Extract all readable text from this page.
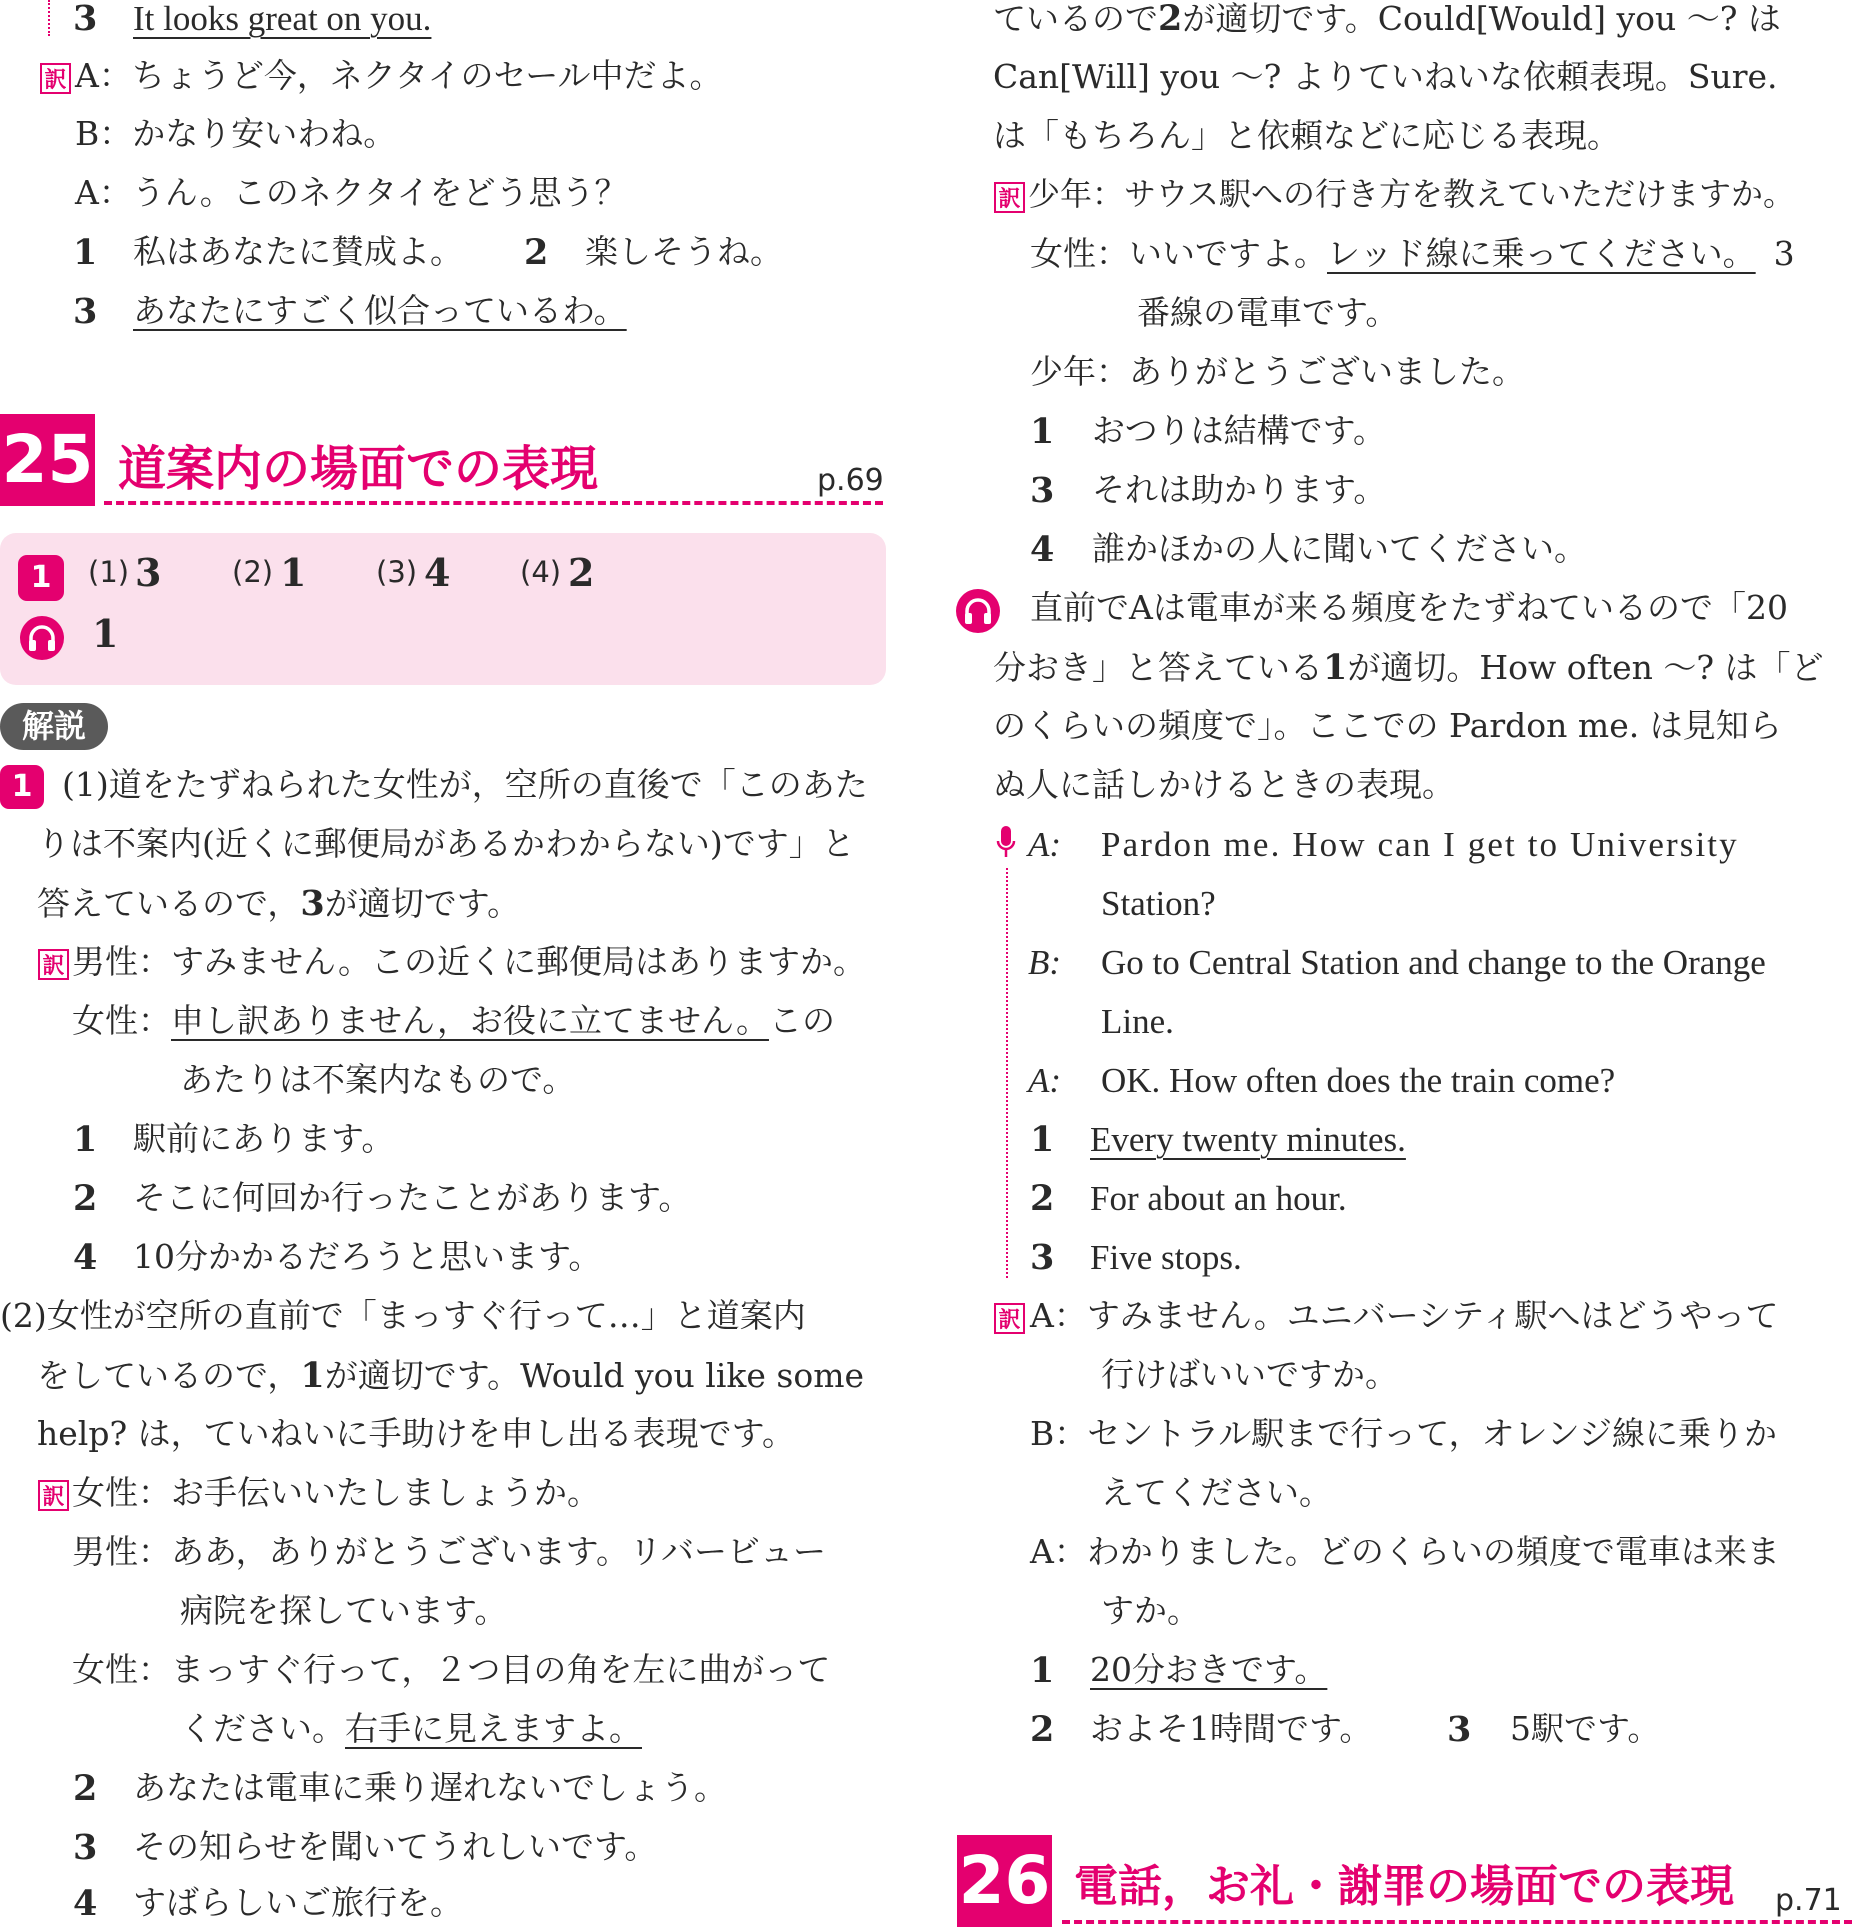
3 It looks great on you.
訳 A：ちょうど今，ネクタイのセール中だよ。
B：かなり安いわね。
A：うん。このネクタイをどう思う？
1 私はあなたに賛成よ。 2 楽しそうね。
3 あなたにすごく似合っているわ。
25 道案内の場面での表現	p.69
1	(1) 3 (2) 1 (3) 4 (4) 2
1
解説
1 (1)道をたずねられた女性が，空所の直後で「このあた
りは不案内(近くに郵便局があるかわからない)です」と
答えているので，3が適切です。
訳 男性：すみません。この近くに郵便局はありますか。
女性：申し訳ありません，お役に立てません。この
あたりは不案内なもので。
1 駅前にあります。
2 そこに何回か行ったことがあります。
4 10分かかるだろうと思います。
(2)女性が空所の直前で「まっすぐ行って…」と道案内
をしているので，1が適切です。Would you like some
help? は，ていねいに手助けを申し出る表現です。
訳 女性：お手伝いいたしましょうか。
男性：ああ，ありがとうございます。リバービュー
病院を探しています。
女性：まっすぐ行って，２つ目の角を左に曲がって
ください。右手に見えますよ。
2 あなたは電車に乗り遅れないでしょう。
3 その知らせを聞いてうれしいです。
4 すばらしいご旅行を。
ているので2が適切です。Could[Would] you ～? は
Can[Will] you ～? よりていねいな依頼表現。Sure.
は「もちろん」と依頼などに応じる表現。
訳 少年：サウス駅への行き方を教えていただけますか。
女性：いいですよ。レッド線に乗ってください。 3
番線の電車です。
少年：ありがとうございました。
1 おつりは結構です。
3 それは助かります。
4 誰かほかの人に聞いてください。
直前でAは電車が来る頻度をたずねているので「20
分おき」と答えている1が適切。How often ～? は「ど
のくらいの頻度で」。ここでの Pardon me. は見知ら
ぬ人に話しかけるときの表現。
A: Pardon me. How can I get to University
Station?
B: Go to Central Station and change to the Orange
Line.
A: OK. How often does the train come?
1 Every twenty minutes.
2 For about an hour.
3 Five stops.
訳 A：すみません。ユニバーシティ駅へはどうやって
行けばいいですか。
B：セントラル駅まで行って，オレンジ線に乗りか
えてください。
A：わかりました。どのくらいの頻度で電車は来ま
すか。
1 20分おきです。
2 およそ1時間です。 3 5駅です。
26 電話，お礼・謝罪の場面での表現 p.71
